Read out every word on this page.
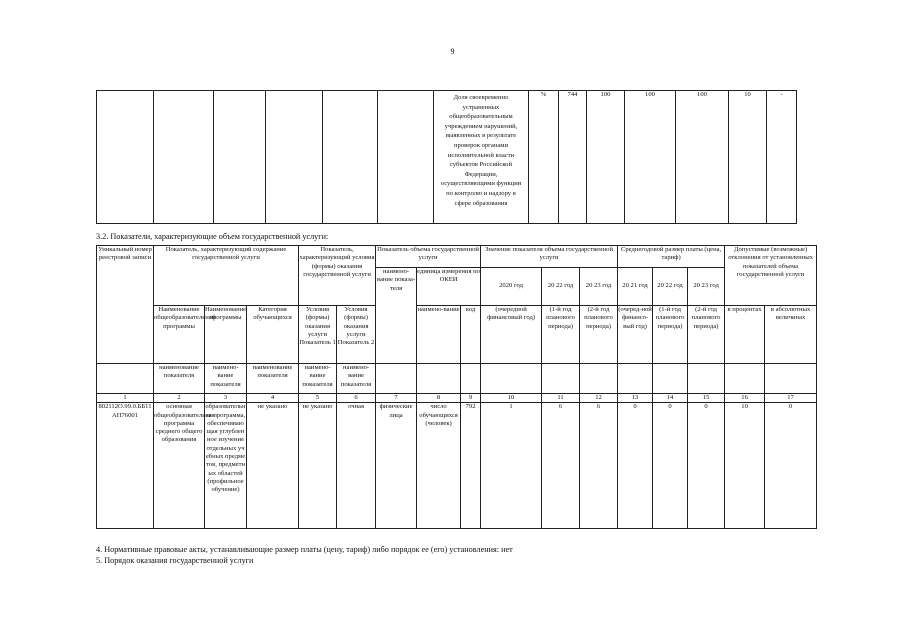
9
						Доля своевременно устраненных общеобразовательным учреждением нарушений, выявленных в результате проверок органами исполнительной власти субъектов Российской Федерации, осуществляющими функции по контролю и надзору в сфере образования	%	744	100	100	100	10	-
3.2. Показатели, характеризующие объем государственной услуги:
Уникальный номер реестровой записи	Показатель, характеризующий содержание государственной услуги			Показатель, характеризующий условия (формы) оказания государственной услуги		Показатель объема государственной услуги			Значение показателя объема государственной услуги			Среднегодовой размер платы (цена, тариф)			Допустимые (возможные) отклонения от установленных показателей объема государственной услуги	
						наимено-вание показа-теля	единица измерения по ОКЕИ		2020 год	20 22 год	20 23 год	20 21 год	20 22 год	20 23 год		
	Наименование общеобразовательной программы	Наименование программы	Категория обучающихся	Условия (формы) оказания услуги Показатель 1	Условия (формы) оказания услуги Показатель 2		наимено-вание	код	(очередной финансовый год)	(1-й год планового периода)	(2-й год планового периода)	(очеред-ной финансо-вый год)	(1-й год планового периода)	(2-й год планового периода)	в процентах	в абсолютных величинах
	наименование показателя	наимено-вание показателя	наименование показателя	наимено-вание показателя	наимено-вание показателя											
1	2	3	4	5	6	7	8	9	10	11	12	13	14	15	16	17
802112О.99.0.ББ11АП76001	основная общеобразовательная программа среднего общего образования	образовательная программа, обеспечивающая углубленное изучение отдельных учебных предметов, предметных областей (профильное обучение)	не указано	не указано	очная	физические лица	число обучающихся (человек)	792	1	6	6	0	0	0	10	0
4. Нормативные правовые акты, устанавливающие размер платы (цену, тариф) либо порядок ее (его) установления: нет
5. Порядок оказания государственной услуги
